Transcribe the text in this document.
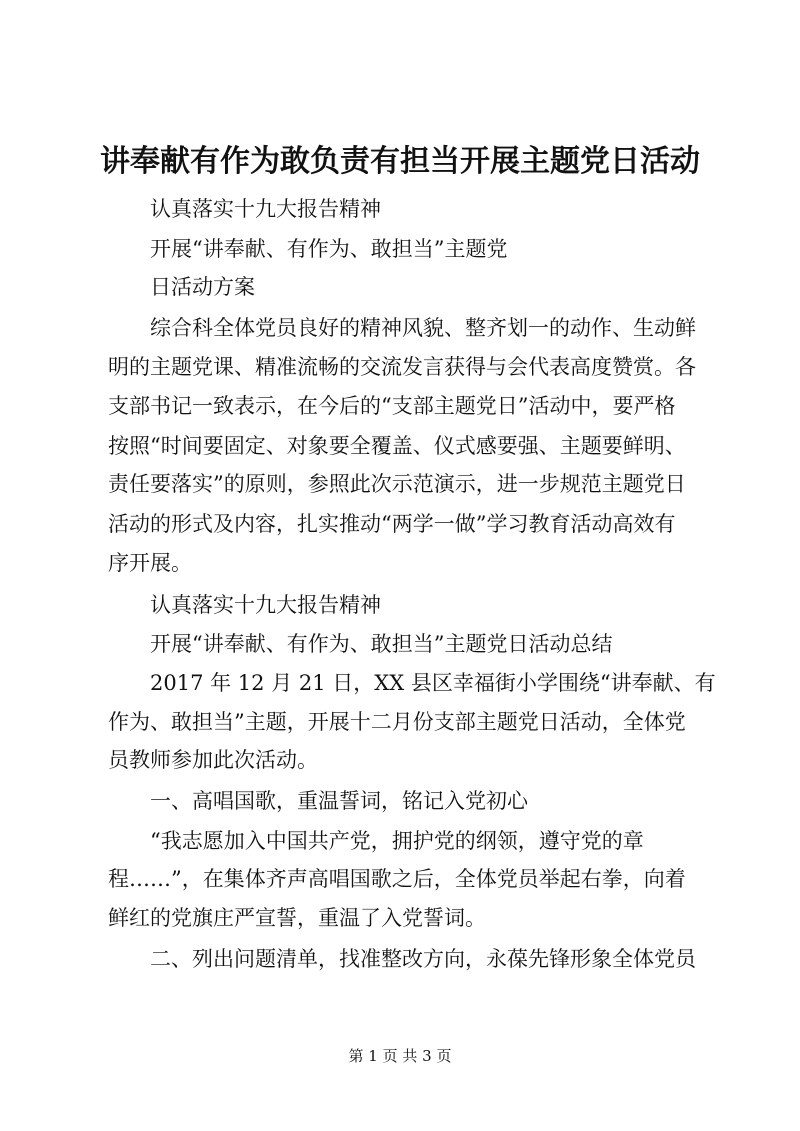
讲奉献有作为敢负责有担当开展主题党日活动
　　认真落实十九大报告精神
　　开展“讲奉献、有作为、敢担当”主题党
　　日活动方案
　　综合科全体党员良好的精神风貌、整齐划一的动作、生动鲜
明的主题党课、精准流畅的交流发言获得与会代表高度赞赏。各
支部书记一致表示，在今后的“支部主题党日”活动中，要严格
按照“时间要固定、对象要全覆盖、仪式感要强、主题要鲜明、
责任要落实”的原则，参照此次示范演示，进一步规范主题党日
活动的形式及内容，扎实推动“两学一做”学习教育活动高效有
序开展。
　　认真落实十九大报告精神
　　开展“讲奉献、有作为、敢担当”主题党日活动总结
　　2017 年 12 月 21 日，XX 县区幸福街小学围绕“讲奉献、有
作为、敢担当”主题，开展十二月份支部主题党日活动，全体党
员教师参加此次活动。
　　一、高唱国歌，重温誓词，铭记入党初心
　　“我志愿加入中国共产党，拥护党的纲领，遵守党的章
程……”，在集体齐声高唱国歌之后，全体党员举起右拳，向着
鲜红的党旗庄严宣誓，重温了入党誓词。
　　二、列出问题清单，找准整改方向，永葆先锋形象全体党员
第 1 页 共 3 页
